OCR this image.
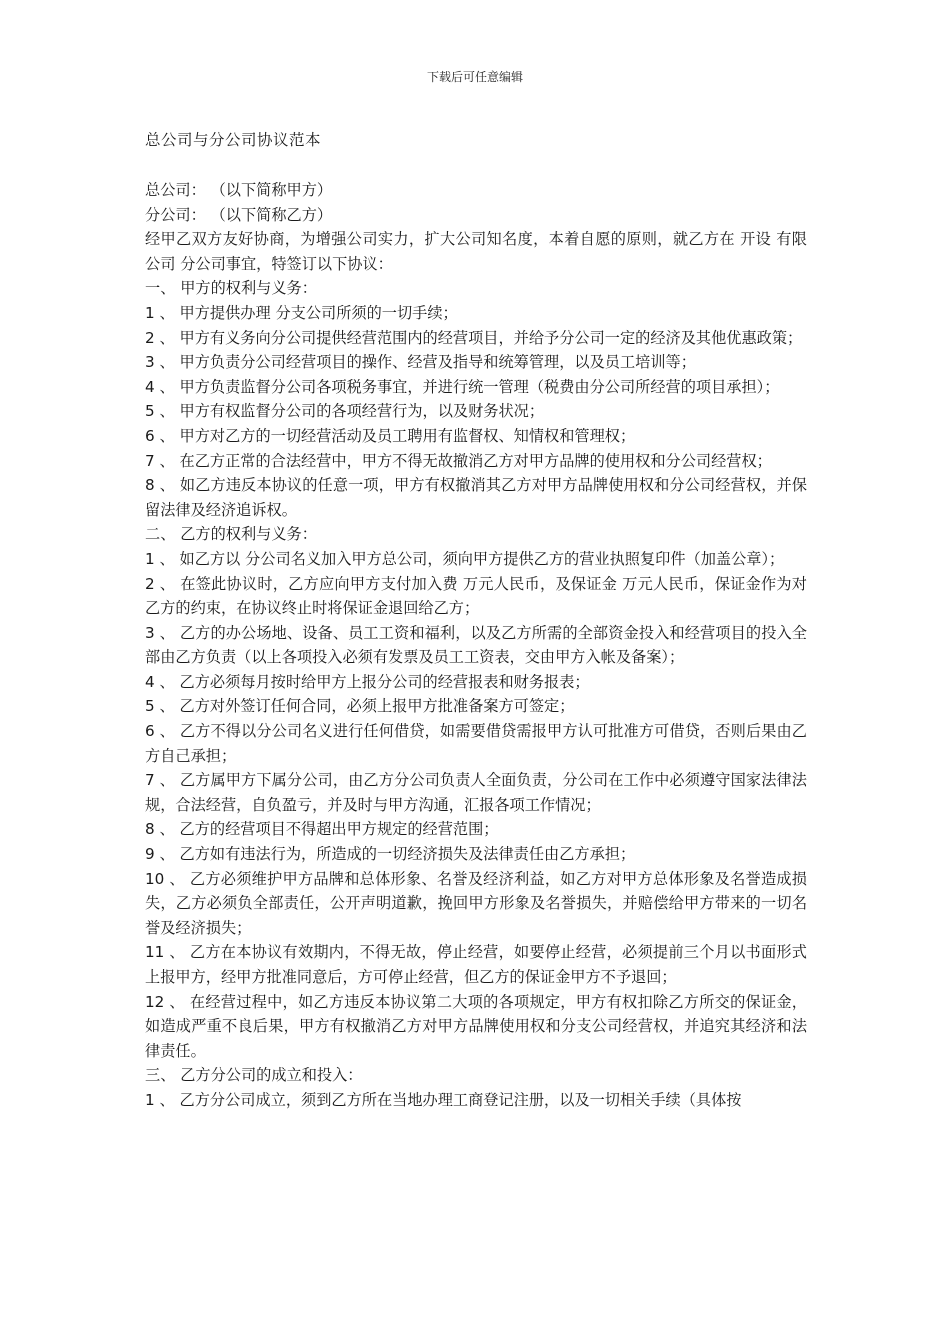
下载后可任意编辑
总公司与分公司协议范本

总公司： （以下简称甲方）

分公司： （以下简称乙方）

经甲乙双方友好协商，为增强公司实力，扩大公司知名度，本着自愿的原则，就乙方在 开设 有限公司 分公司事宜，特签订以下协议：

一、 甲方的权利与义务：

1 、 甲方提供办理 分支公司所须的一切手续；

2 、 甲方有义务向分公司提供经营范围内的经营项目，并给予分公司一定的经济及其他优惠政策；

3 、 甲方负责分公司经营项目的操作、经营及指导和统筹管理，以及员工培训等；

4 、 甲方负责监督分公司各项税务事宜，并进行统一管理（税费由分公司所经营的项目承担）；

5 、 甲方有权监督分公司的各项经营行为，以及财务状况；

6 、 甲方对乙方的一切经营活动及员工聘用有监督权、知情权和管理权；

7 、 在乙方正常的合法经营中，甲方不得无故撤消乙方对甲方品牌的使用权和分公司经营权；

8 、 如乙方违反本协议的任意一项，甲方有权撤消其乙方对甲方品牌使用权和分公司经营权，并保留法律及经济追诉权。

二、 乙方的权利与义务：

1 、 如乙方以 分公司名义加入甲方总公司，须向甲方提供乙方的营业执照复印件（加盖公章）；

2 、 在签此协议时，乙方应向甲方支付加入费 万元人民币，及保证金 万元人民币，保证金作为对乙方的约束，在协议终止时将保证金退回给乙方；

3 、 乙方的办公场地、设备、员工工资和福利，以及乙方所需的全部资金投入和经营项目的投入全部由乙方负责（以上各项投入必须有发票及员工工资表，交由甲方入帐及备案）；

4 、 乙方必须每月按时给甲方上报分公司的经营报表和财务报表；

5 、 乙方对外签订任何合同，必须上报甲方批准备案方可签定；

6 、 乙方不得以分公司名义进行任何借贷，如需要借贷需报甲方认可批准方可借贷，否则后果由乙方自己承担；

7 、 乙方属甲方下属分公司，由乙方分公司负责人全面负责，分公司在工作中必须遵守国家法律法规，合法经营，自负盈亏，并及时与甲方沟通，汇报各项工作情况；

8 、 乙方的经营项目不得超出甲方规定的经营范围；

9 、 乙方如有违法行为，所造成的一切经济损失及法律责任由乙方承担；

10 、 乙方必须维护甲方品牌和总体形象、名誉及经济利益，如乙方对甲方总体形象及名誉造成损失，乙方必须负全部责任，公开声明道歉，挽回甲方形象及名誉损失，并赔偿给甲方带来的一切名誉及经济损失；

11 、 乙方在本协议有效期内，不得无故，停止经营，如要停止经营，必须提前三个月以书面形式上报甲方，经甲方批准同意后，方可停止经营，但乙方的保证金甲方不予退回；

12 、 在经营过程中，如乙方违反本协议第二大项的各项规定，甲方有权扣除乙方所交的保证金，如造成严重不良后果，甲方有权撤消乙方对甲方品牌使用权和分支公司经营权，并追究其经济和法律责任。

三、 乙方分公司的成立和投入：

1 、 乙方分公司成立，须到乙方所在当地办理工商登记注册，以及一切相关手续（具体按
